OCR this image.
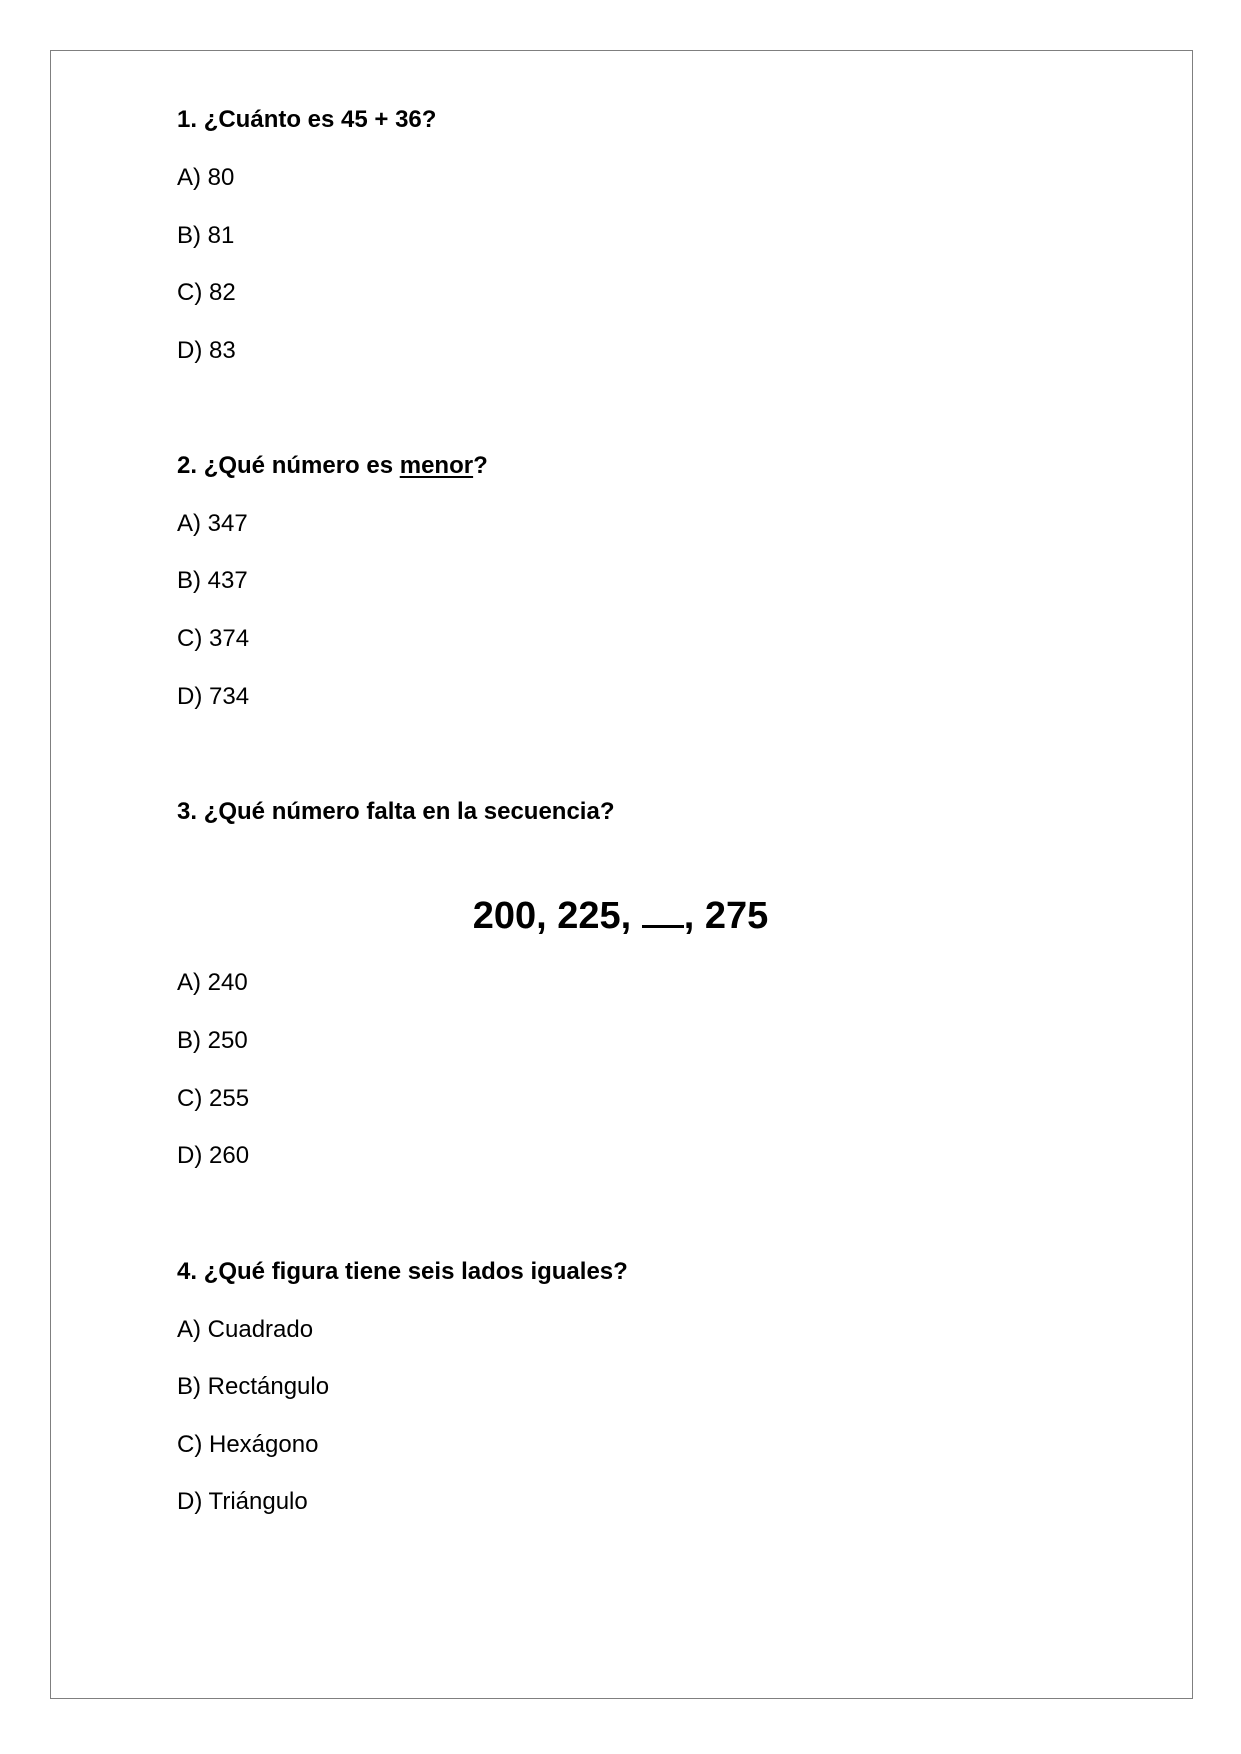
1. ¿Cuánto es 45 + 36?
A) 80
B) 81
C) 82
D) 83
2. ¿Qué número es menor?
A) 347
B) 437
C) 374
D) 734
3. ¿Qué número falta en la secuencia?
200, 225, , 275
A) 240
B) 250
C) 255
D) 260
4. ¿Qué figura tiene seis lados iguales?
A) Cuadrado
B) Rectángulo
C) Hexágono
D) Triángulo
